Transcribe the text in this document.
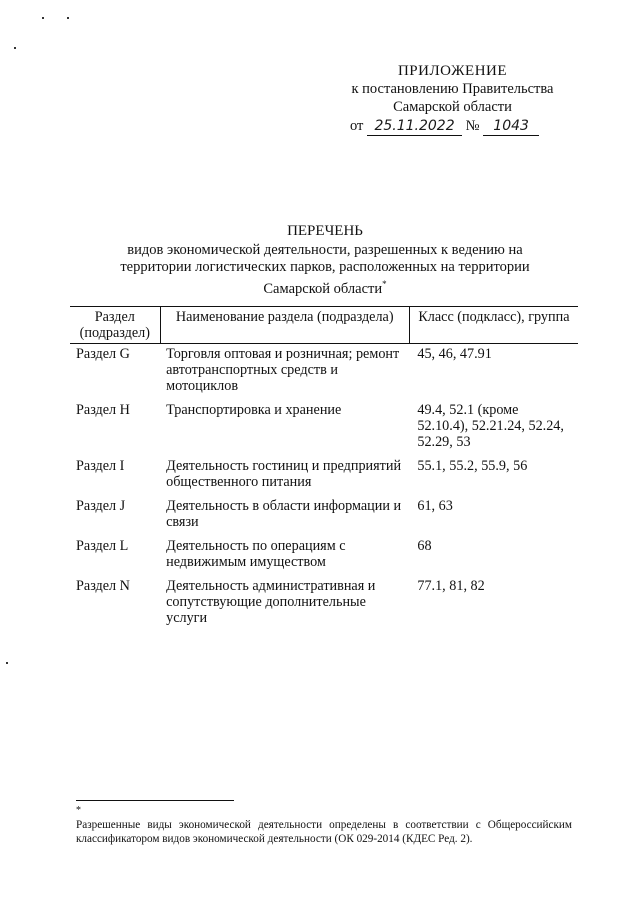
ПРИЛОЖЕНИЕ
к постановлению Правительства
Самарской области
от 25.11.2022 № 1043
ПЕРЕЧЕНЬ
видов экономической деятельности, разрешенных к ведению на
территории логистических парков, расположенных на территории
Самарской области*
Раздел (подраздел)	Наименование раздела (подраздела)	Класс (подкласс), группа
Раздел G	Торговля оптовая и розничная; ремонт автотранспортных средств и мотоциклов	45, 46, 47.91
Раздел H	Транспортировка и хранение	49.4, 52.1 (кроме 52.10.4), 52.21.24, 52.24, 52.29, 53
Раздел I	Деятельность гостиниц и предприятий общественного питания	55.1, 55.2, 55.9, 56
Раздел J	Деятельность в области информации и связи	61, 63
Раздел L	Деятельность по операциям с недвижимым имуществом	68
Раздел N	Деятельность административная и сопутствующие дополнительные услуги	77.1, 81, 82
*
Разрешенные виды экономической деятельности определены в соответствии с Общероссийским классификатором видов экономической деятельности (ОК 029-2014 (КДЕС Ред. 2).
